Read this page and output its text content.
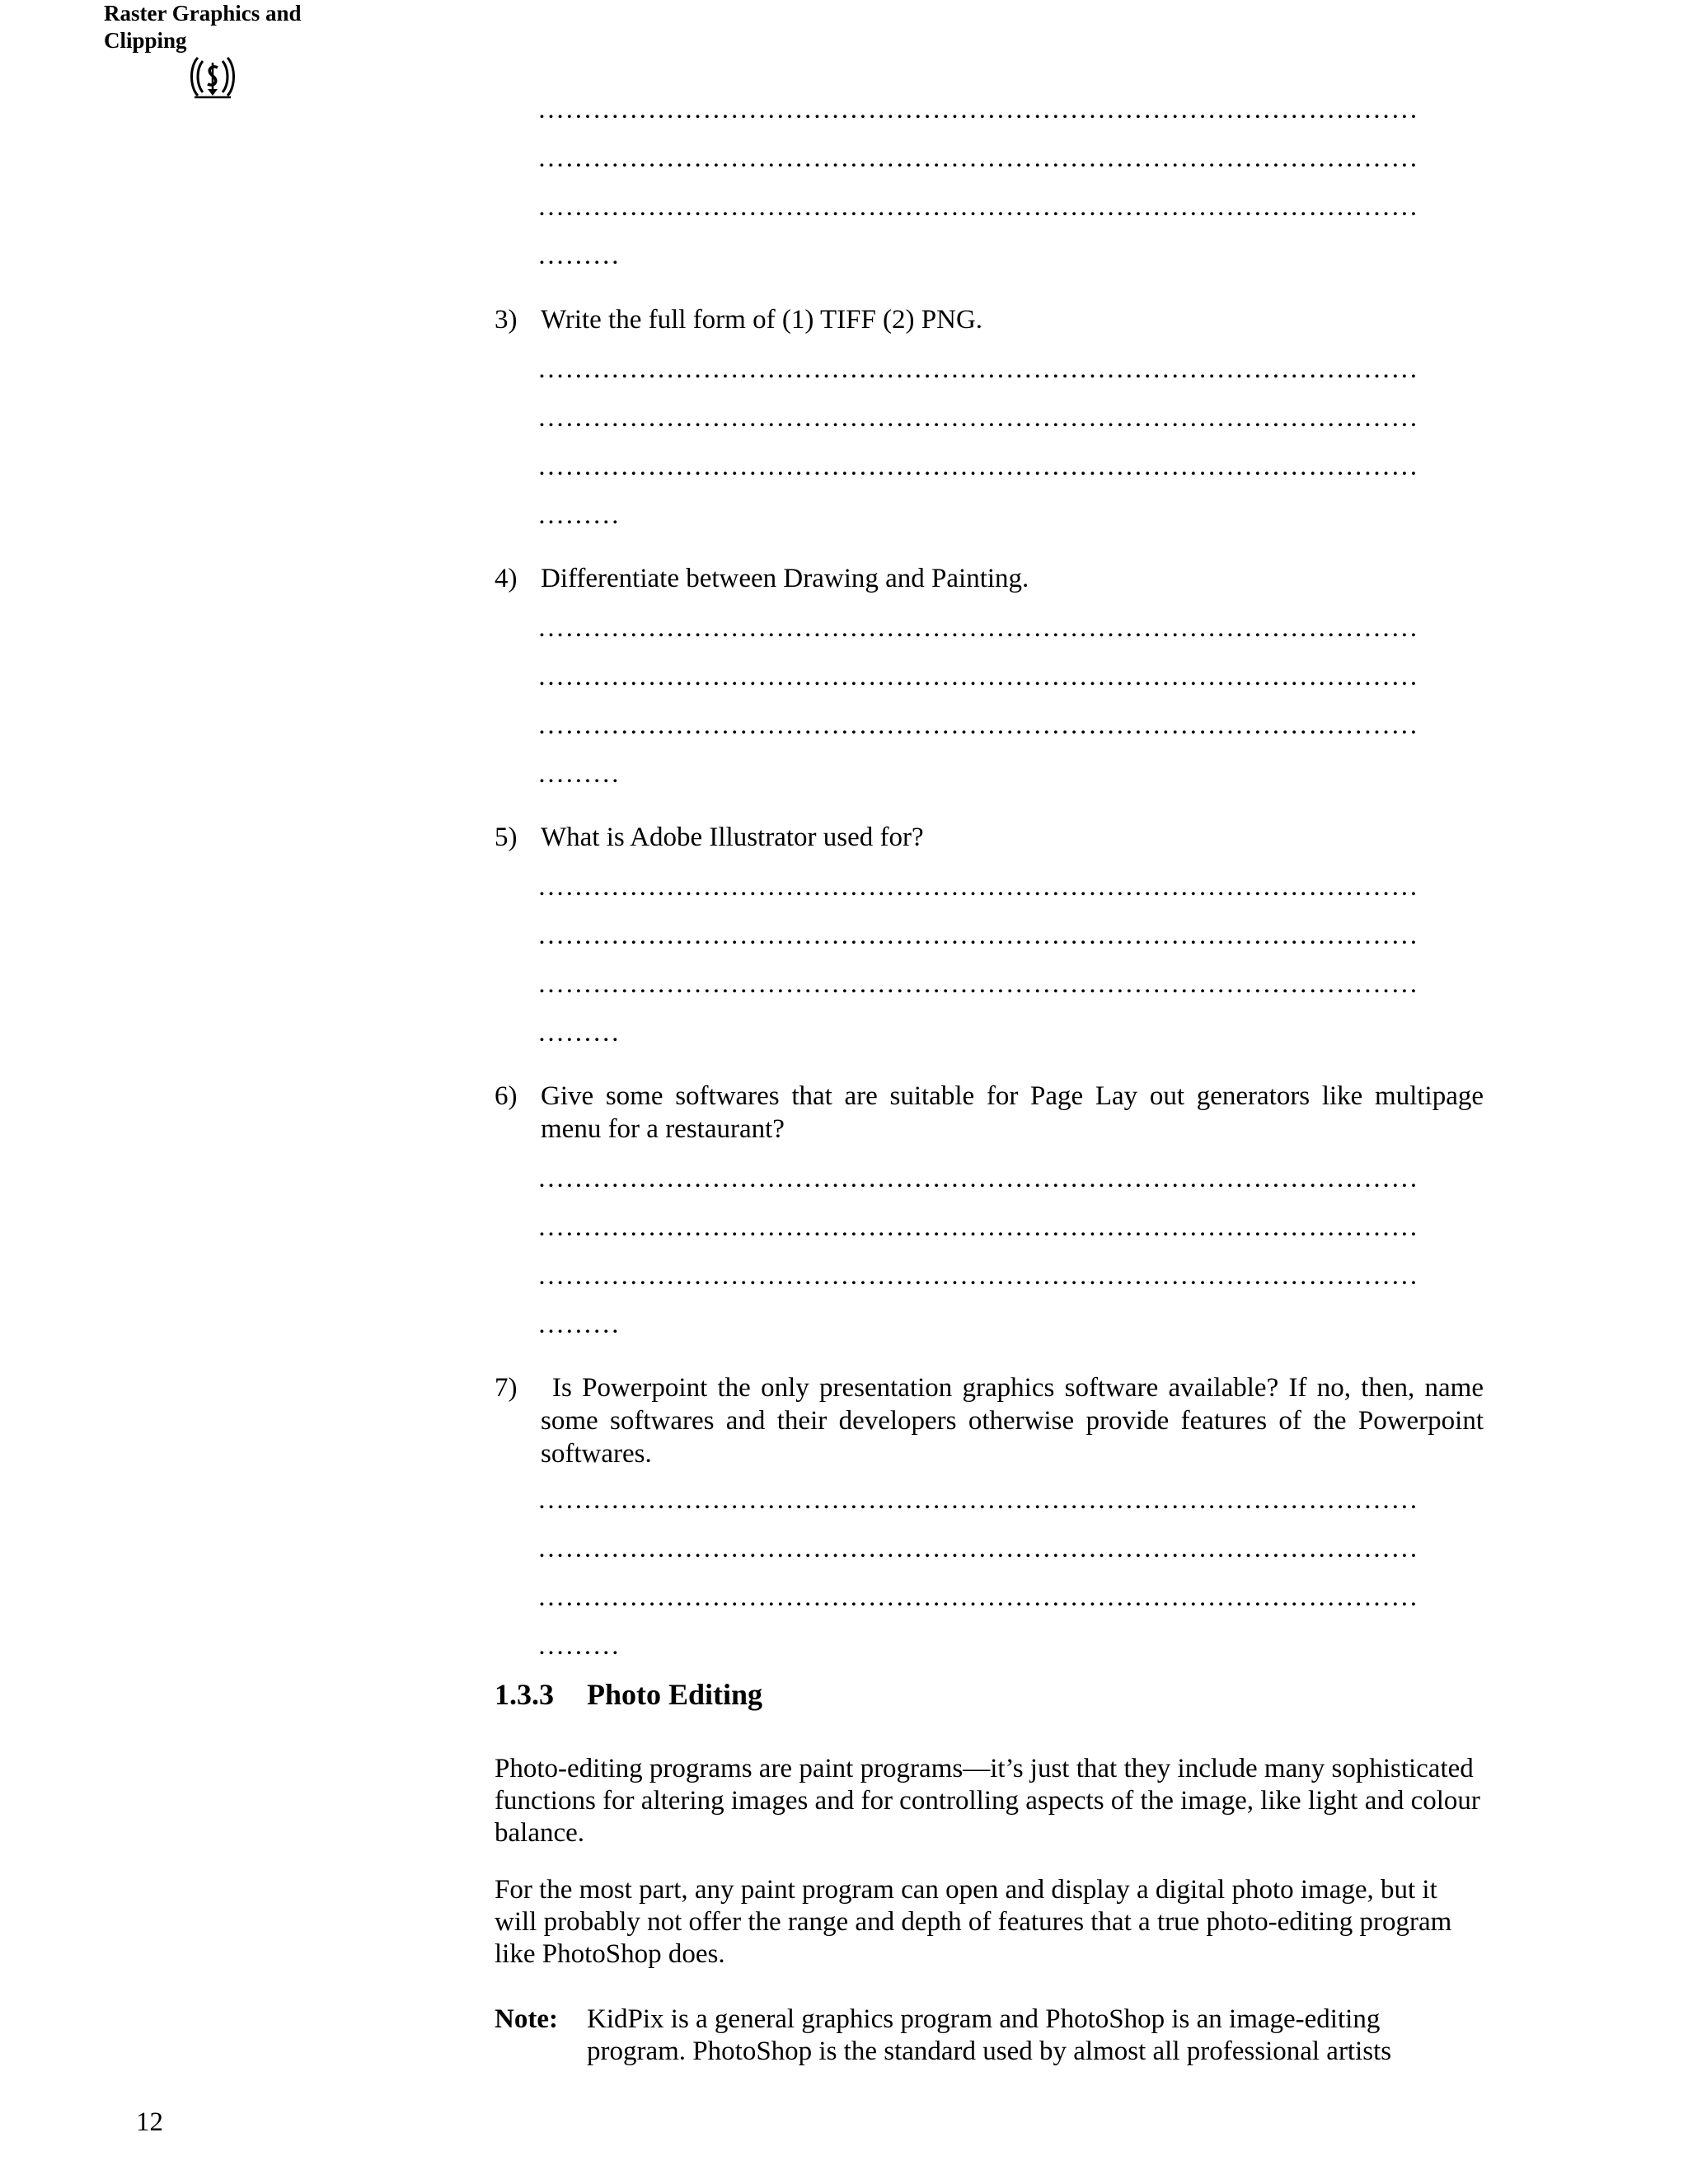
Raster Graphics and
Clipping
……………………………………………………………………………………
……………………………………………………………………………………
……………………………………………………………………………………
………
3) Write the full form of (1) TIFF (2) PNG.
……………………………………………………………………………………
……………………………………………………………………………………
……………………………………………………………………………………
………
4) Differentiate between Drawing and Painting.
……………………………………………………………………………………
……………………………………………………………………………………
……………………………………………………………………………………
………
5) What is Adobe Illustrator used for?
……………………………………………………………………………………
……………………………………………………………………………………
……………………………………………………………………………………
………
6) Give some softwares that are suitable for Page Lay out generators like multipage menu for a restaurant?
……………………………………………………………………………………
……………………………………………………………………………………
……………………………………………………………………………………
………
7)	Is Powerpoint the only presentation graphics software available? If no, then, name some softwares and their developers otherwise provide features of the Powerpoint softwares.
……………………………………………………………………………………
……………………………………………………………………………………
……………………………………………………………………………………
………
1.3.3 Photo Editing
Photo-editing programs are paint programs—it’s just that they include many sophisticated functions for altering images and for controlling aspects of the image, like light and colour balance.
For the most part, any paint program can open and display a digital photo image, but it will probably not offer the range and depth of features that a true photo-editing program like PhotoShop does.
Note: KidPix is a general graphics program and PhotoShop is an image-editing program. PhotoShop is the standard used by almost all professional artists
12
